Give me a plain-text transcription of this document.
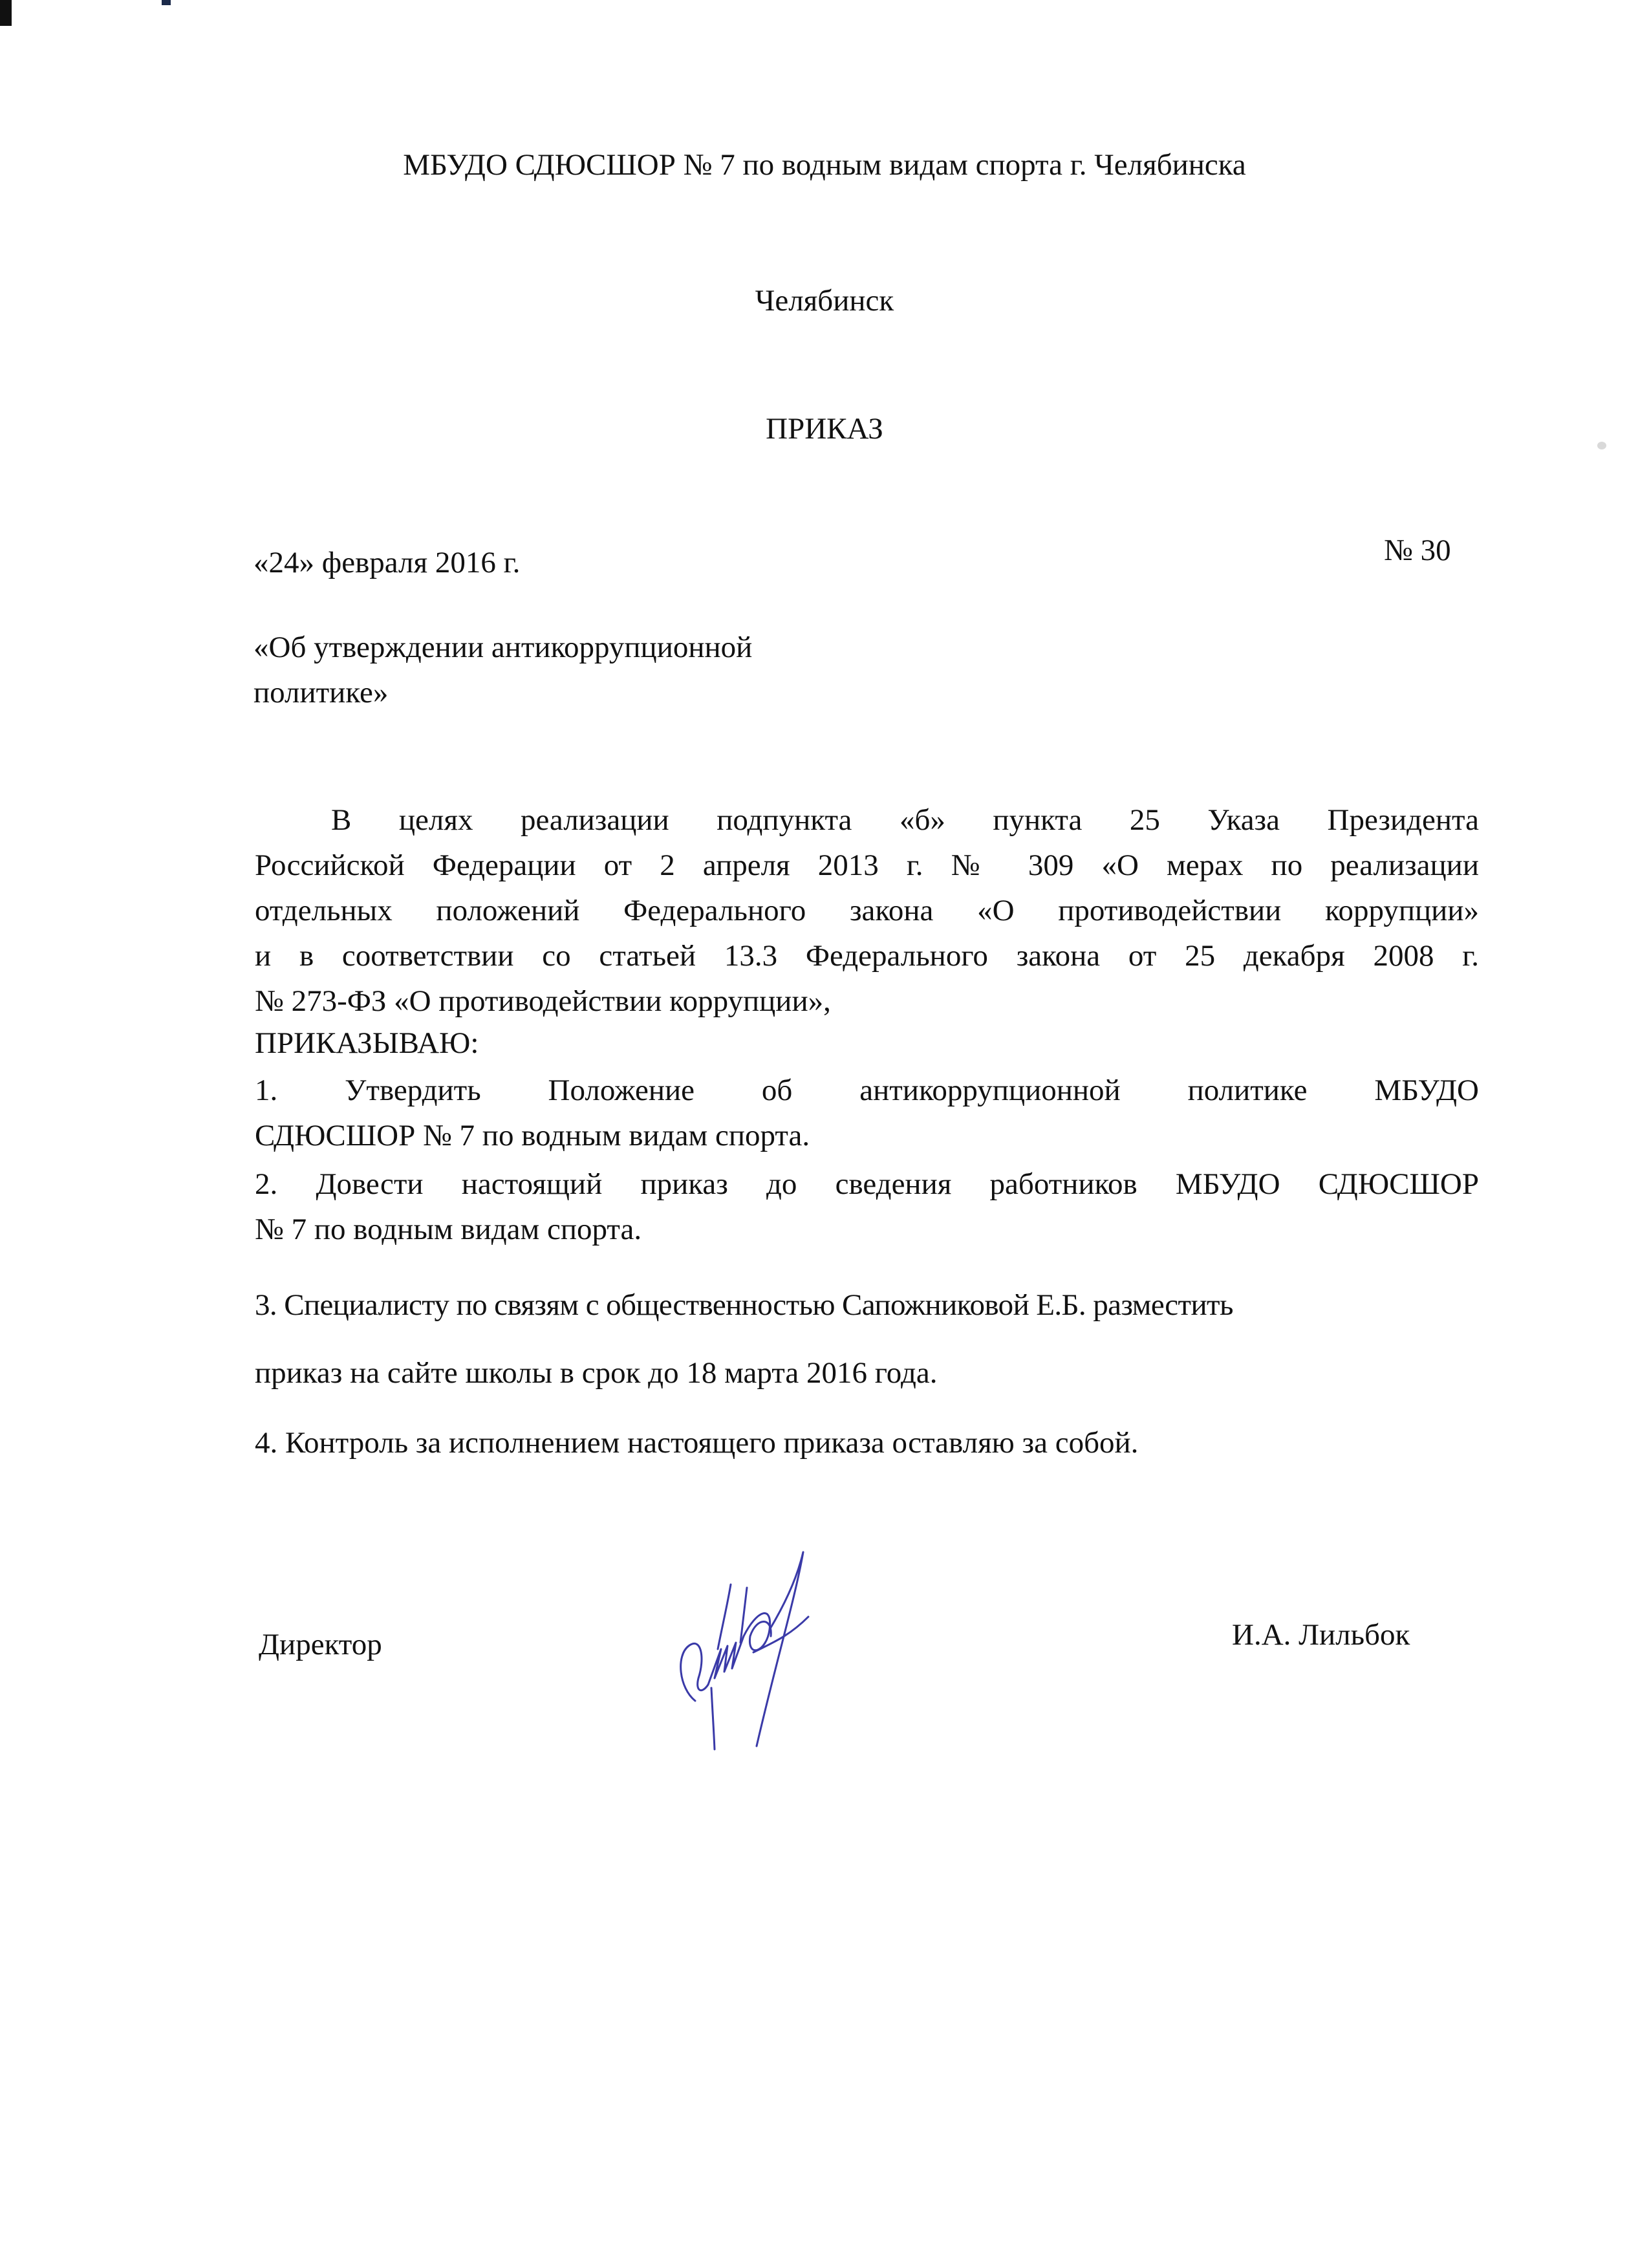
МБУДО СДЮСШОР № 7 по водным видам спорта г. Челябинска
Челябинск
ПРИКАЗ
«24» февраля 2016 г.	№ 30
«Об утверждении антикоррупционной
политике»
В целях реализации подпункта «б» пункта 25 Указа Президента
Российской Федерации от 2 апреля 2013 г. № 309 «О мерах по реализации
отдельных положений Федерального закона «О противодействии коррупции»
и в соответствии со статьей 13.3 Федерального закона от 25 декабря 2008 г.
№ 273-ФЗ «О противодействии коррупции»,
ПРИКАЗЫВАЮ:
1. Утвердить Положение об антикоррупционной политике МБУДО
СДЮСШОР № 7 по водным видам спорта.
2. Довести настоящий приказ до сведения работников МБУДО СДЮСШОР
№ 7 по водным видам спорта.
3. Специалисту по связям с общественностью Сапожниковой Е.Б. разместить
приказ на сайте школы в срок до 18 марта 2016 года.
4. Контроль за исполнением настоящего приказа оставляю за собой.
Директор	И.А. Лильбок
